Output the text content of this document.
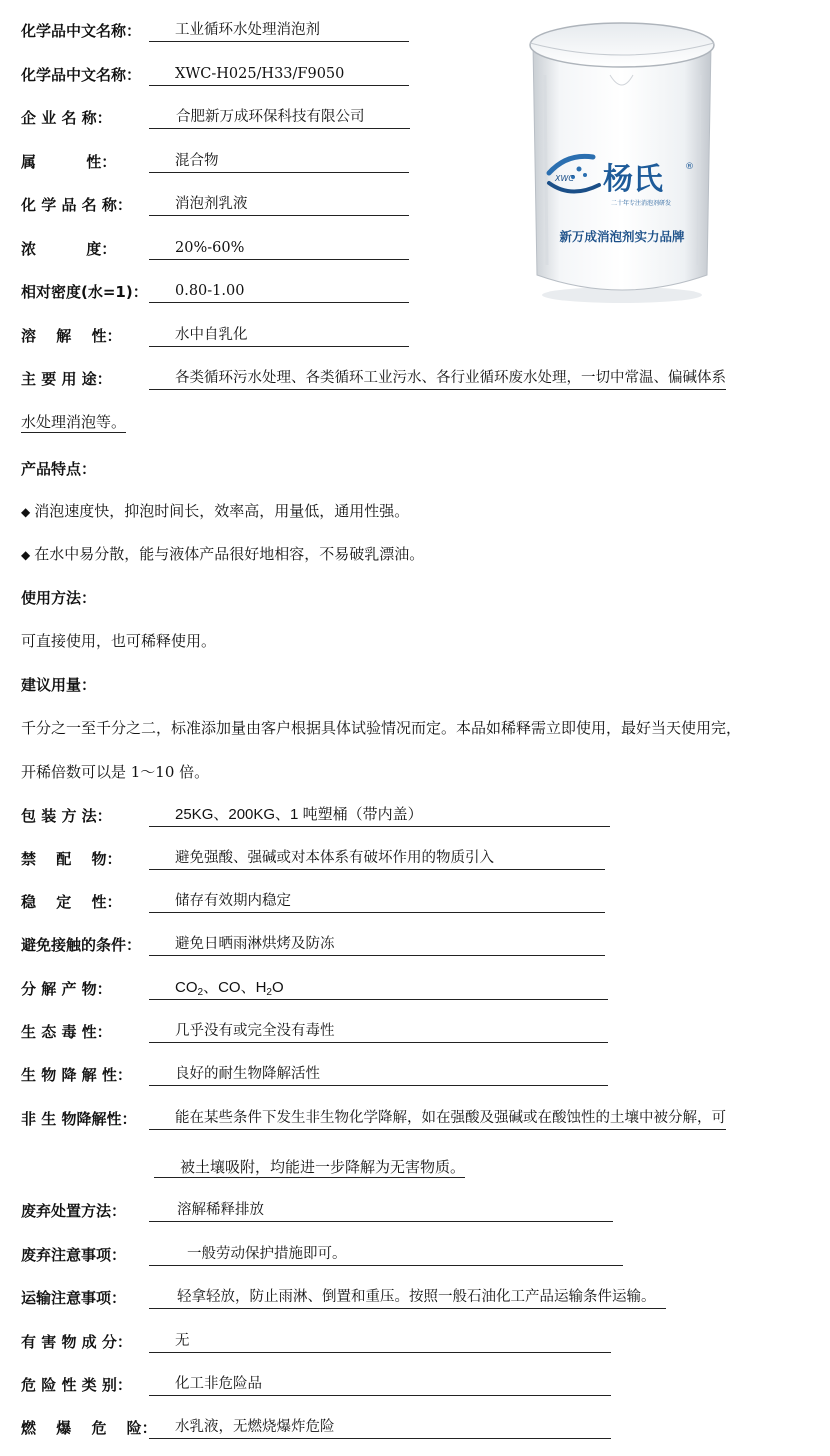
化学品中文名称：	工业循环水处理消泡剂
化学品中文名称：	XWC-H025/H33/F9050
企 业 名 称：	合肥新万成环保科技有限公司
属　　　 性：	混合物
化 学 品 名 称：	消泡剂乳液
浓　　　 度：	20%-60%
相对密度(水=1)：	0.80-1.00
溶　 解　 性：	水中自乳化
主 要 用 途：	各类循环污水处理、各类循环工业污水、各行业循环废水处理，一切中常温、偏碱体系
水处理消泡等。
XWC 杨氏 ®
二十年专注消泡剂研发
新万成消泡剂实力品牌
产品特点：
◆ 消泡速度快，抑泡时间长，效率高，用量低，通用性强。
◆ 在水中易分散，能与液体产品很好地相容，不易破乳漂油。
使用方法：
可直接使用，也可稀释使用。
建议用量：
千分之一至千分之二，标准添加量由客户根据具体试验情况而定。本品如稀释需立即使用，最好当天使用完，
开稀倍数可以是 1～10 倍。
包 装 方 法：	25KG、200KG、1 吨塑桶（带内盖）
禁　 配　 物：	避免强酸、强碱或对本体系有破坏作用的物质引入
稳　 定　 性：	储存有效期内稳定
避免接触的条件：	避免日晒雨淋烘烤及防冻
分 解 产 物：	$CO_2$、CO、$H_2O$
生 态 毒 性：	几乎没有或完全没有毒性
生 物 降 解 性：	良好的耐生物降解活性
非 生 物降解性：	能在某些条件下发生非生物化学降解，如在强酸及强碱或在酸蚀性的土壤中被分解，可
被土壤吸附，均能进一步降解为无害物质。
废弃处置方法：	溶解稀释排放
废弃注意事项：	一般劳动保护措施即可。
运输注意事项：	轻拿轻放，防止雨淋、倒置和重压。按照一般石油化工产品运输条件运输。
有 害 物 成 分：	无
危 险 性 类 别：	化工非危险品
燃　 爆　 危　 险：	水乳液，无燃烧爆炸危险
